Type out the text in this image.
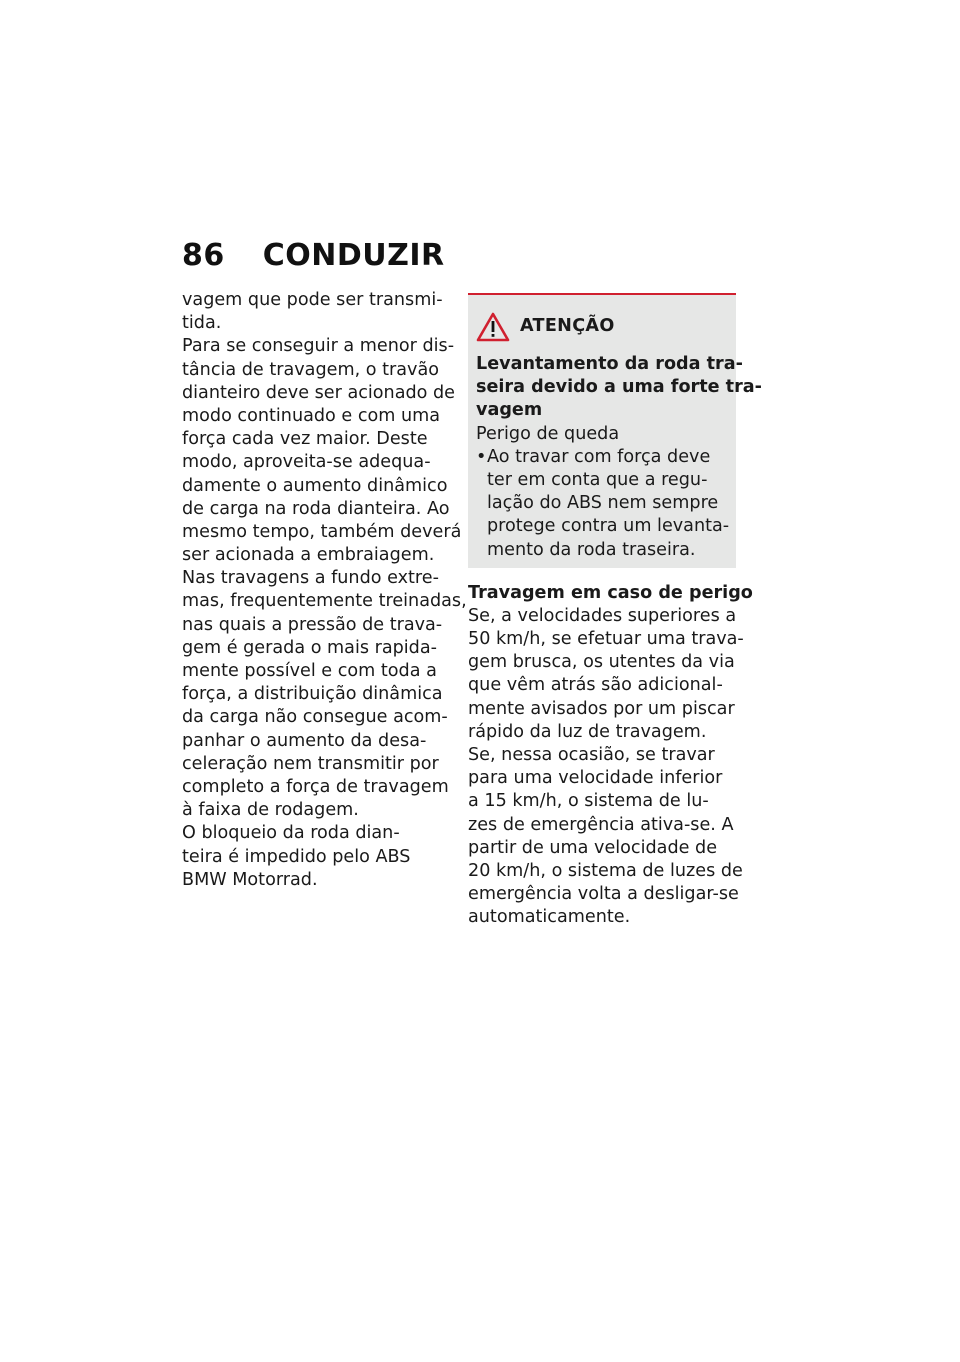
86 CONDUZIR
vagem que pode ser transmi-
tida.
Para se conseguir a menor dis-
tância de travagem, o travão
dianteiro deve ser acionado de
modo continuado e com uma
força cada vez maior. Deste
modo, aproveita-se adequa-
damente o aumento dinâmico
de carga na roda dianteira. Ao
mesmo tempo, também deverá
ser acionada a embraiagem.
Nas travagens a fundo extre-
mas, frequentemente treinadas,
nas quais a pressão de trava-
gem é gerada o mais rapida-
mente possível e com toda a
força, a distribuição dinâmica
da carga não consegue acom-
panhar o aumento da desa-
celeração nem transmitir por
completo a força de travagem
à faixa de rodagem.
O bloqueio da roda dian-
teira é impedido pelo ABS
BMW Motorrad.
ATENÇÃO
Levantamento da roda tra-
seira devido a uma forte tra-
vagem
Perigo de queda
• Ao travar com força deve
ter em conta que a regu-
lação do ABS nem sempre
protege contra um levanta-
mento da roda traseira.
Travagem em caso de perigo
Se, a velocidades superiores a
50 km/h, se efetuar uma trava-
gem brusca, os utentes da via
que vêm atrás são adicional-
mente avisados por um piscar
rápido da luz de travagem.
Se, nessa ocasião, se travar
para uma velocidade inferior
a 15 km/h, o sistema de lu-
zes de emergência ativa-se. A
partir de uma velocidade de
20 km/h, o sistema de luzes de
emergência volta a desligar-se
automaticamente.
